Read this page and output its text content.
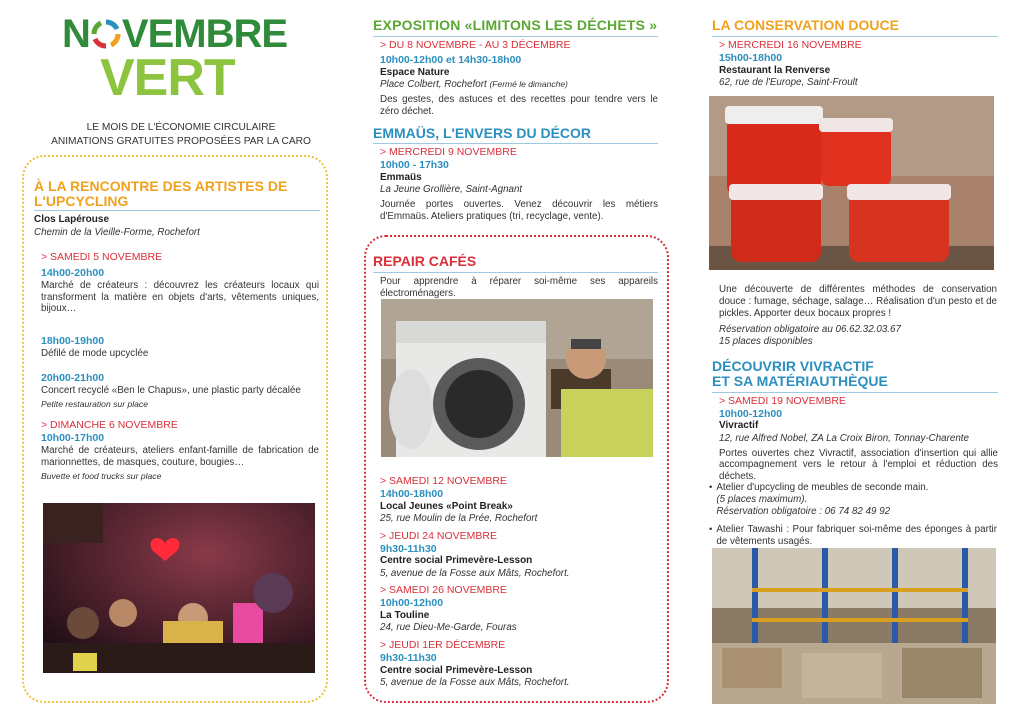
N VEMBRE
VERT
LE MOIS DE L'ÉCONOMIE CIRCULAIRE
ANIMATIONS GRATUITES PROPOSÉES PAR LA CARO
À LA RENCONTRE DES ARTISTES DE L'UPCYCLING
Clos Lapérouse
Chemin de la Vieille-Forme, Rochefort
> SAMEDI 5 NOVEMBRE
14h00-20h00
Marché de créateurs : découvrez les créateurs locaux qui transforment la matière en objets d'arts, vêtements uniques, bijoux…
18h00-19h00
Défilé de mode upcyclée
20h00-21h00
Concert recyclé «Ben le Chapus», une plastic party décalée
Petite restauration sur place
> DIMANCHE 6 NOVEMBRE
10h00-17h00
Marché de créateurs, ateliers enfant-famille de fabrication de marionnettes, de masques, couture, bougies…
Buvette et food trucks sur place
EXPOSITION «LIMITONS LES DÉCHETS »
> DU 8 NOVEMBRE - AU 3 DÉCEMBRE
10h00-12h00 et 14h30-18h00
Espace Nature
Place Colbert, Rochefort (Fermé le dimanche)
Des gestes, des astuces et des recettes pour tendre vers le zéro déchet.
EMMAÜS, L'ENVERS DU DÉCOR
> MERCREDI 9 NOVEMBRE
10h00 - 17h30
Emmaüs
La Jeune Grollière, Saint-Agnant
Journée portes ouvertes. Venez découvrir les métiers d'Emmaüs. Ateliers pratiques (tri, recyclage, vente).
REPAIR CAFÉS
Pour apprendre à réparer soi-même ses appareils électroménagers.
> SAMEDI 12 NOVEMBRE
14h00-18h00
Local Jeunes «Point Break»
25, rue Moulin de la Prée, Rochefort
> JEUDI 24 NOVEMBRE
9h30-11h30
Centre social Primevère-Lesson
5, avenue de la Fosse aux Mâts, Rochefort.
> SAMEDI 26 NOVEMBRE
10h00-12h00
La Touline
24, rue Dieu-Me-Garde, Fouras
> JEUDI 1ER DÉCEMBRE
9h30-11h30
Centre social Primevère-Lesson
5, avenue de la Fosse aux Mâts, Rochefort.
LA CONSERVATION DOUCE
> MERCREDI 16 NOVEMBRE
15h00-18h00
Restaurant la Renverse
62, rue de l'Europe, Saint-Froult
Une découverte de différentes méthodes de conservation douce : fumage, séchage, salage… Réalisation d'un pesto et de pickles. Apporter deux bocaux propres !
Réservation obligatoire au 06.62.32.03.67
15 places disponibles
DÉCOUVRIR VIVRACTIF
ET SA MATÉRIAUTHÈQUE
> SAMEDI 19 NOVEMBRE
10h00-12h00
Vivractif
12, rue Alfred Nobel, ZA La Croix Biron, Tonnay-Charente
Portes ouvertes chez Vivractif, association d'insertion qui allie accompagnement vers le retour à l'emploi et réduction des déchets.
• Atelier d'upcycling de meubles de seconde main.
(5 places maximum).
Réservation obligatoire : 06 74 82 49 92
• Atelier Tawashi : Pour fabriquer soi-même des éponges à partir de vêtements usagés.
